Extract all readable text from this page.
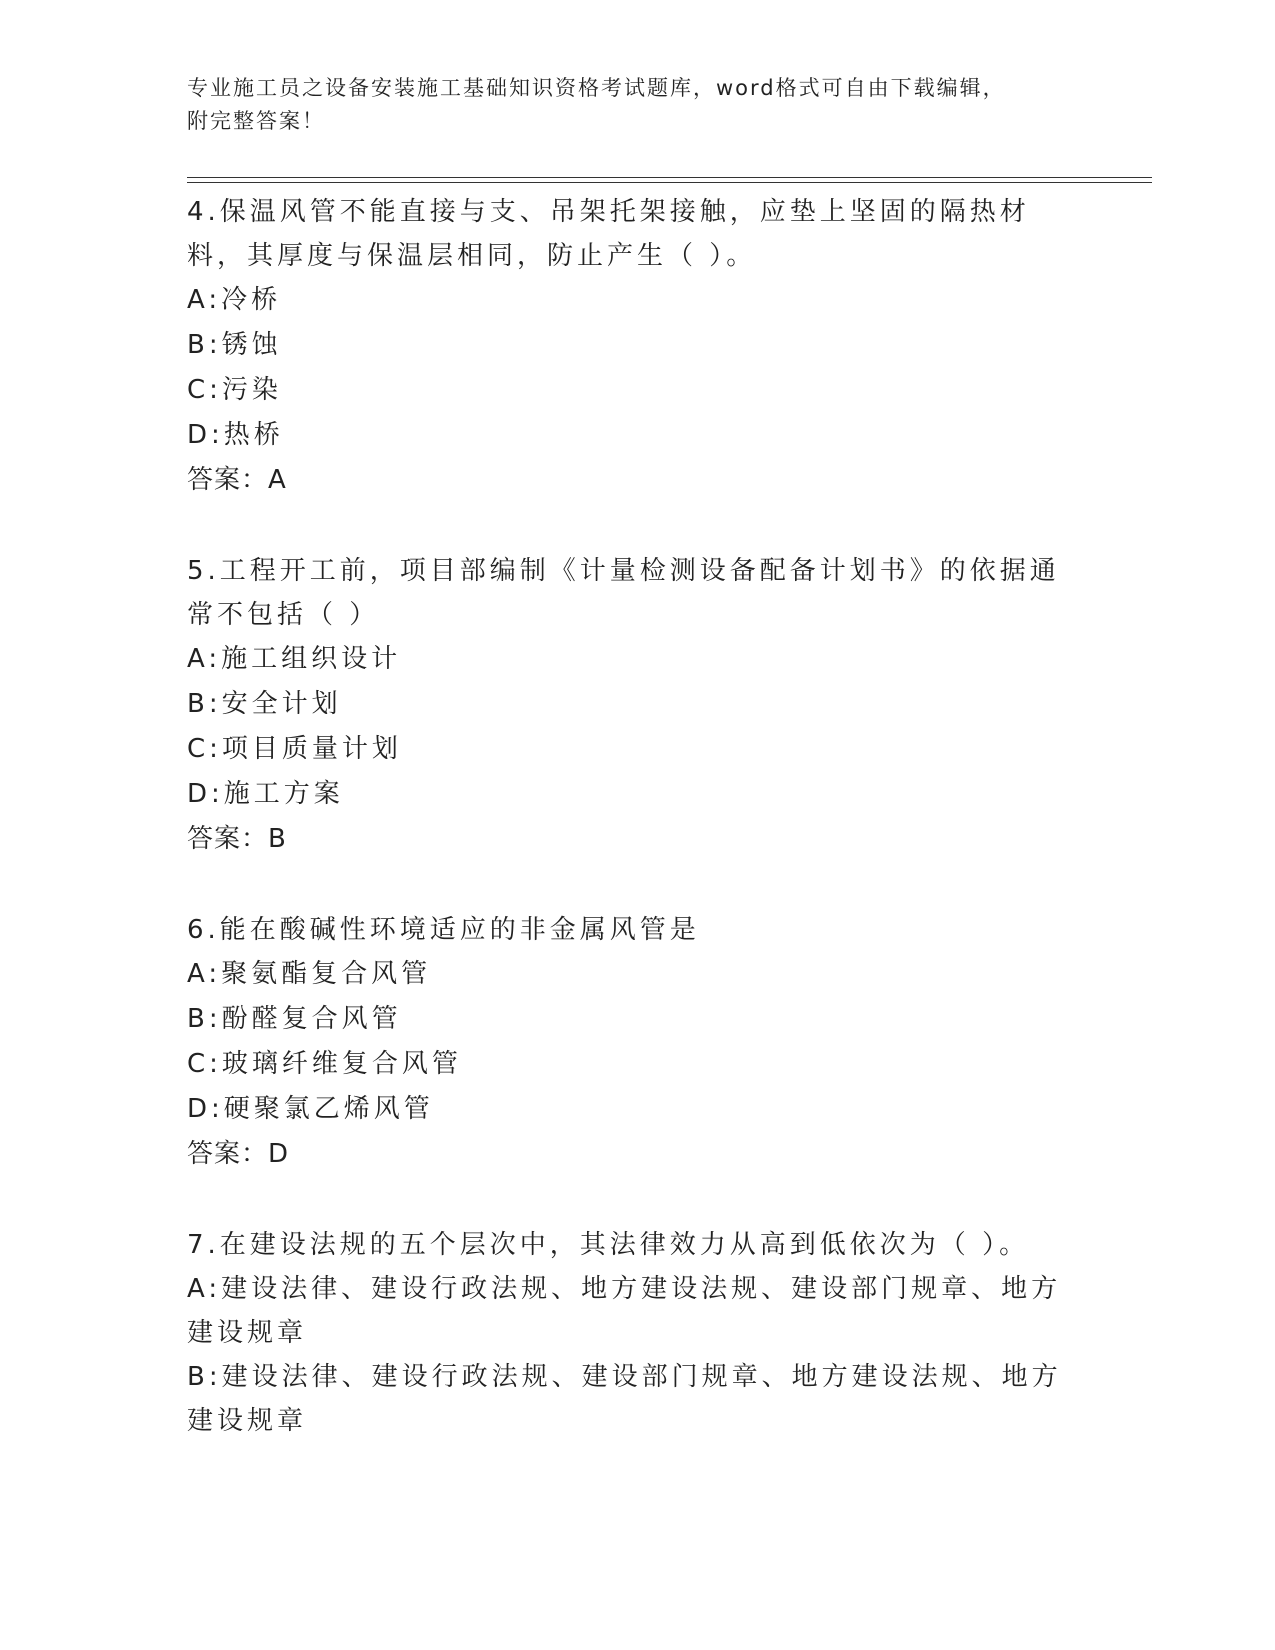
专业施工员之设备安装施工基础知识资格考试题库，word格式可自由下载编辑，
附完整答案！

4.保温风管不能直接与支、吊架托架接触，应垫上坚固的隔热材料，其厚度与保温层相同，防止产生（ ）。

A:冷桥

B:锈蚀

C:污染

D:热桥

答案：A

5.工程开工前，项目部编制《计量检测设备配备计划书》的依据通常不包括（ ）

A:施工组织设计

B:安全计划

C:项目质量计划

D:施工方案

答案：B

6.能在酸碱性环境适应的非金属风管是

A:聚氨酯复合风管

B:酚醛复合风管

C:玻璃纤维复合风管

D:硬聚氯乙烯风管

答案：D

7.在建设法规的五个层次中，其法律效力从高到低依次为（ ）。

A:建设法律、建设行政法规、地方建设法规、建设部门规章、地方建设规章

B:建设法律、建设行政法规、建设部门规章、地方建设法规、地方建设规章
